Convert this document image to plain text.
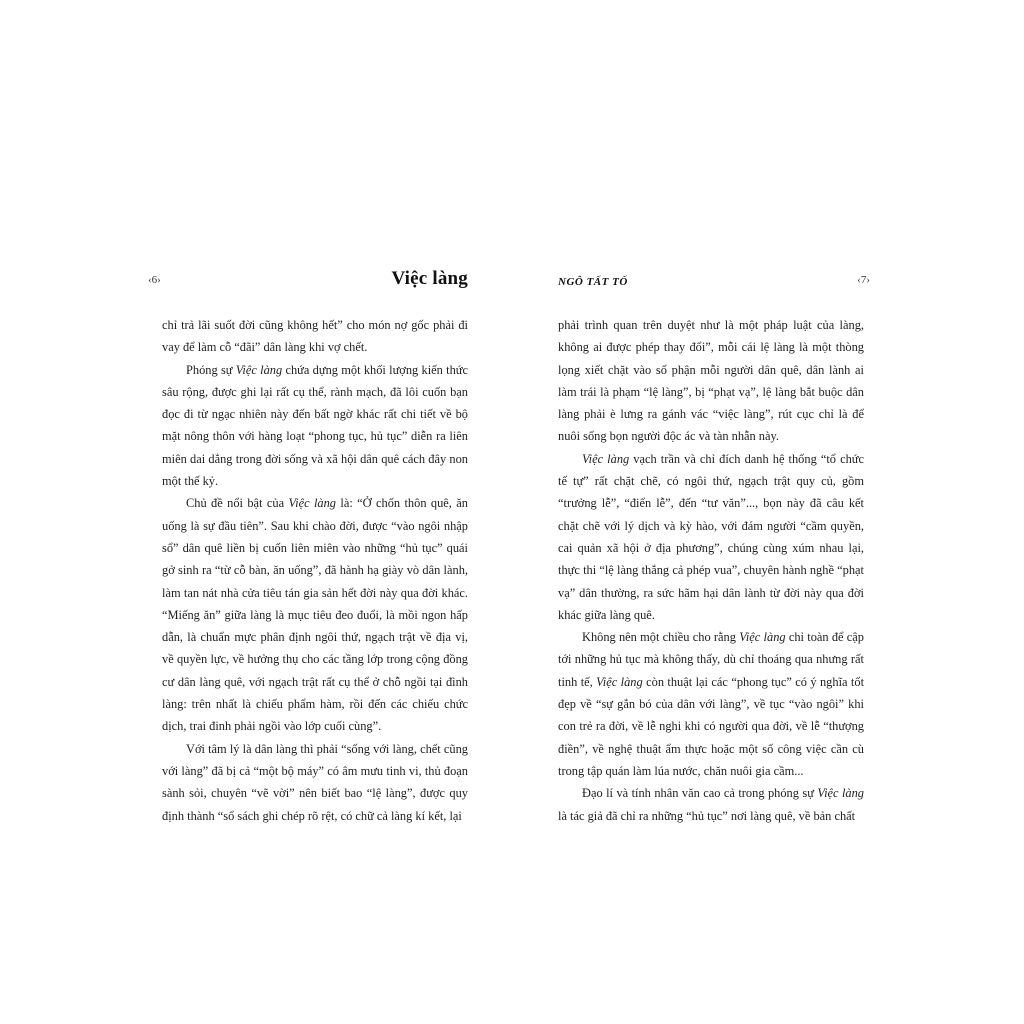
‹6›	Việc làng

chỉ trả lãi suốt đời cũng không hết” cho món nợ gốc phải đi vay để làm cỗ “đãi” dân làng khi vợ chết.

Phóng sự Việc làng chứa dựng một khối lượng kiến thức sâu rộng, được ghi lại rất cụ thể, rành mạch, đã lôi cuốn bạn đọc đi từ ngạc nhiên này đến bất ngờ khác rất chi tiết về bộ mặt nông thôn với hàng loạt “phong tục, hủ tục” diễn ra liên miên dai dẳng trong đời sống và xã hội dân quê cách đây non một thế kỷ.

Chủ đề nổi bật của Việc làng là: “Ở chốn thôn quê, ăn uống là sự đầu tiên”. Sau khi chào đời, được “vào ngôi nhập sổ” dân quê liền bị cuốn liên miên vào những “hủ tục” quái gở sinh ra “từ cỗ bàn, ăn uống”, đã hành hạ giày vò dân lành, làm tan nát nhà cửa tiêu tán gia sản hết đời này qua đời khác. “Miếng ăn” giữa làng là mục tiêu đeo đuổi, là mồi ngon hấp dẫn, là chuẩn mực phân định ngôi thứ, ngạch trật về địa vị, về quyền lực, về hưởng thụ cho các tầng lớp trong cộng đồng cư dân làng quê, với ngạch trật rất cụ thể ở chỗ ngồi tại đình làng: trên nhất là chiếu phẩm hàm, rồi đến các chiếu chức dịch, trai đinh phải ngồi vào lớp cuối cùng”.

Với tâm lý là dân làng thì phải “sống với làng, chết cũng với làng” đã bị cả “một bộ máy” có âm mưu tinh vi, thủ đoạn sành sỏi, chuyên “vẽ vời” nên biết bao “lệ làng”, được quy định thành “sổ sách ghi chép rõ rệt, có chữ cả làng kí kết, lại

NGÔ TẤT TỐ	‹7›

phải trình quan trên duyệt như là một pháp luật của làng, không ai được phép thay đổi”, mỗi cái lệ làng là một thòng lọng xiết chặt vào số phận mỗi người dân quê, dân lành ai làm trái là phạm “lệ làng”, bị “phạt vạ”, lệ làng bắt buộc dân làng phải è lưng ra gánh vác “việc làng”, rút cục chỉ là để nuôi sống bọn người độc ác và tàn nhẫn này.

Việc làng vạch trần và chỉ đích danh hệ thống “tổ chức tế tự” rất chặt chẽ, có ngôi thứ, ngạch trật quy củ, gồm “trưởng lễ”, “điển lễ”, đến “tư văn”..., bọn này đã câu kết chặt chẽ với lý dịch và kỳ hào, với đám người “cầm quyền, cai quản xã hội ở địa phương”, chúng cùng xúm nhau lại, thực thi “lệ làng thắng cả phép vua”, chuyên hành nghề “phạt vạ” dân thường, ra sức hãm hại dân lành từ đời này qua đời khác giữa làng quê.

Không nên một chiều cho rằng Việc làng chỉ toàn để cập tới những hủ tục mà không thấy, dù chỉ thoáng qua nhưng rất tinh tế, Việc làng còn thuật lại các “phong tục” có ý nghĩa tốt đẹp về “sự gắn bó của dân với làng”, về tục “vào ngôi” khi con trẻ ra đời, về lễ nghi khi có người qua đời, về lễ “thượng điền”, về nghệ thuật ẩm thực hoặc một số công việc cần cù trong tập quán làm lúa nước, chăn nuôi gia cầm...

Đạo lí và tính nhân văn cao cả trong phóng sự Việc làng là tác giả đã chỉ ra những “hủ tục” nơi làng quê, về bản chất
